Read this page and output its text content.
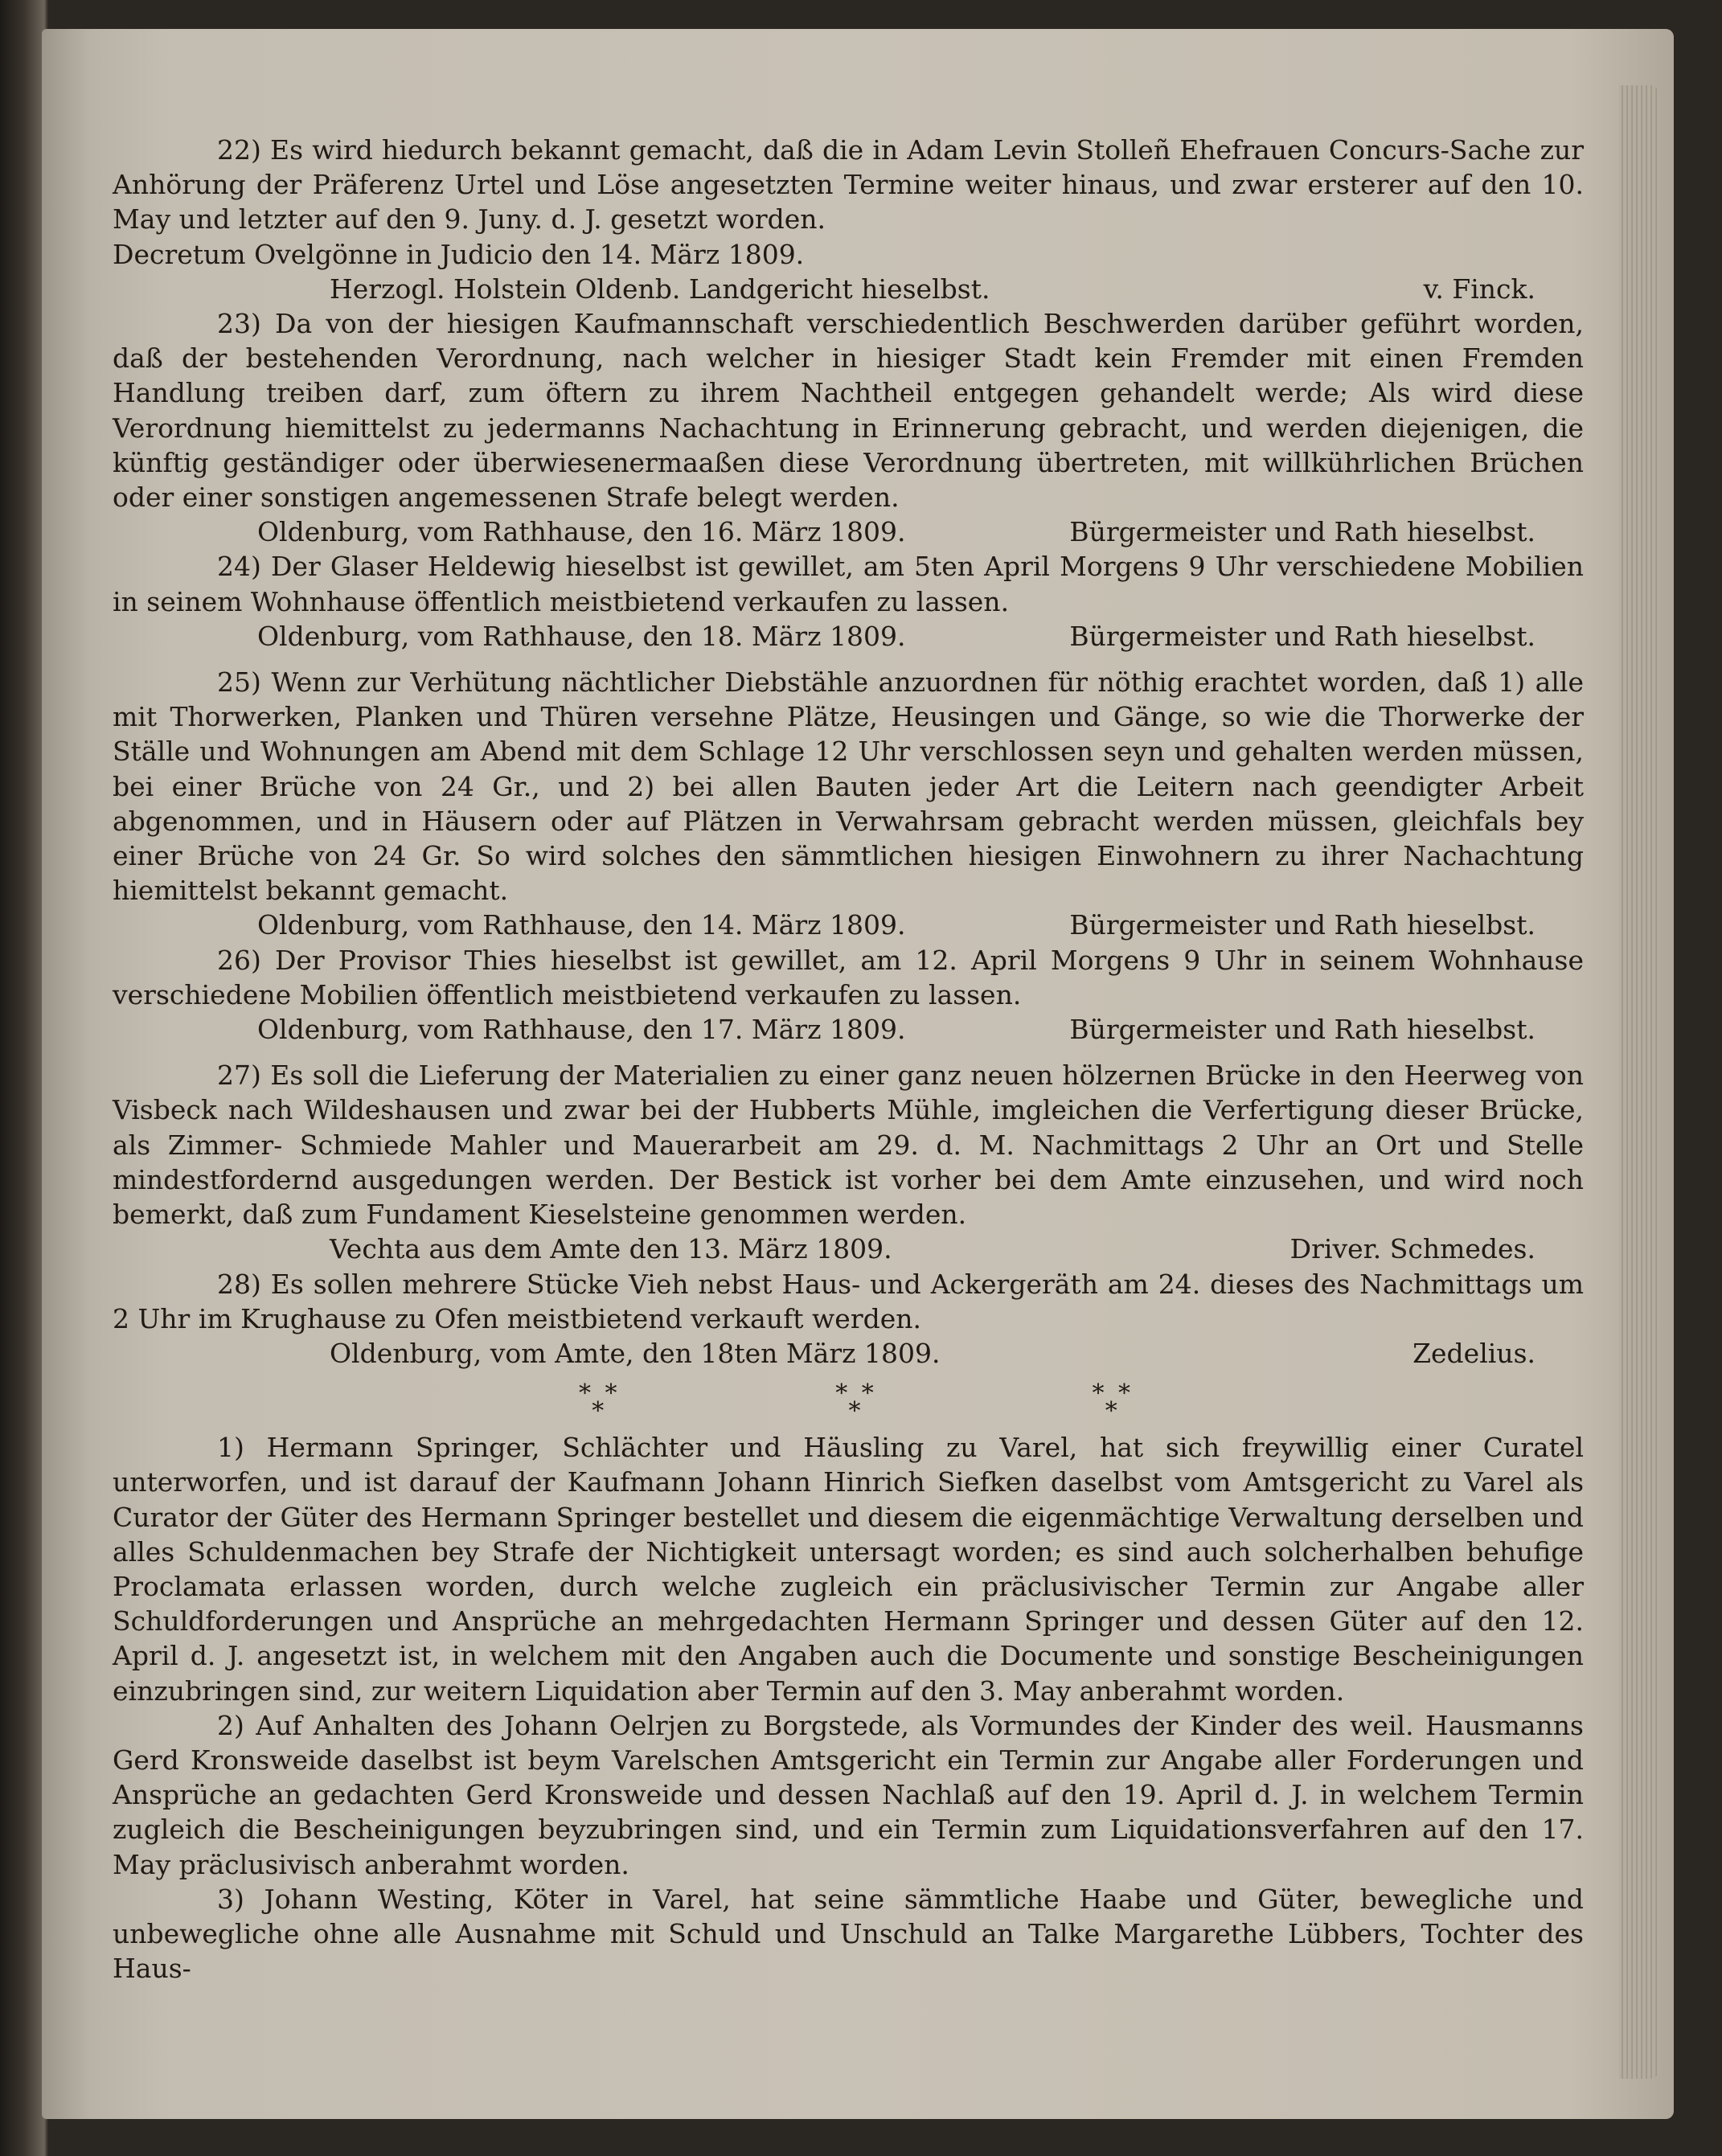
22) Es wird hiedurch bekannt gemacht, daß die in Adam Levin Stolleñ Ehefrauen Concurs-Sache zur Anhörung der Präferenz Urtel und Löse angesetzten Termine weiter hinaus, und zwar ersterer auf den 10. May und letzter auf den 9. Juny. d. J. gesetzt worden.

Decretum Ovelgönne in Judicio den 14. März 1809.

Herzogl. Holstein Oldenb. Landgericht hieselbst.	v. Finck.

23) Da von der hiesigen Kaufmannschaft verschiedentlich Beschwerden darüber geführt worden, daß der bestehenden Verordnung, nach welcher in hiesiger Stadt kein Fremder mit einen Fremden Handlung treiben darf, zum öftern zu ihrem Nachtheil entgegen gehandelt werde; Als wird diese Verordnung hiemittelst zu jedermanns Nachachtung in Erinnerung gebracht, und werden diejenigen, die künftig geständiger oder überwiesenermaaßen diese Verordnung übertreten, mit willkührlichen Brüchen oder einer sonstigen angemessenen Strafe belegt werden.

Oldenburg, vom Rathhause, den 16. März 1809.	Bürgermeister und Rath hieselbst.

24) Der Glaser Heldewig hieselbst ist gewillet, am 5ten April Morgens 9 Uhr verschiedene Mobilien in seinem Wohnhause öffentlich meistbietend verkaufen zu lassen.

Oldenburg, vom Rathhause, den 18. März 1809.	Bürgermeister und Rath hieselbst.

25) Wenn zur Verhütung nächtlicher Diebstähle anzuordnen für nöthig erachtet worden, daß 1) alle mit Thorwerken, Planken und Thüren versehne Plätze, Heusingen und Gänge, so wie die Thorwerke der Ställe und Wohnungen am Abend mit dem Schlage 12 Uhr verschlossen seyn und gehalten werden müssen, bei einer Brüche von 24 Gr., und 2) bei allen Bauten jeder Art die Leitern nach geendigter Arbeit abgenommen, und in Häusern oder auf Plätzen in Verwahrsam gebracht werden müssen, gleichfals bey einer Brüche von 24 Gr. So wird solches den sämmtlichen hiesigen Einwohnern zu ihrer Nachachtung hiemittelst bekannt gemacht.

Oldenburg, vom Rathhause, den 14. März 1809.	Bürgermeister und Rath hieselbst.

26) Der Provisor Thies hieselbst ist gewillet, am 12. April Morgens 9 Uhr in seinem Wohnhause verschiedene Mobilien öffentlich meistbietend verkaufen zu lassen.

Oldenburg, vom Rathhause, den 17. März 1809.	Bürgermeister und Rath hieselbst.

27) Es soll die Lieferung der Materialien zu einer ganz neuen hölzernen Brücke in den Heerweg von Visbeck nach Wildeshausen und zwar bei der Hubberts Mühle, imgleichen die Verfertigung dieser Brücke, als Zimmer- Schmiede Mahler und Mauerarbeit am 29. d. M. Nachmittags 2 Uhr an Ort und Stelle mindestfordernd ausgedungen werden. Der Bestick ist vorher bei dem Amte einzusehen, und wird noch bemerkt, daß zum Fundament Kieselsteine genommen werden.

Vechta aus dem Amte den 13. März 1809.	Driver. Schmedes.

28) Es sollen mehrere Stücke Vieh nebst Haus- und Ackergeräth am 24. dieses des Nachmittags um 2 Uhr im Krughause zu Ofen meistbietend verkauft werden.

Oldenburg, vom Amte, den 18ten März 1809.	Zedelius.
* *
*
* *
*
* *
*

1) Hermann Springer, Schlächter und Häusling zu Varel, hat sich freywillig einer Curatel unterworfen, und ist darauf der Kaufmann Johann Hinrich Siefken daselbst vom Amtsgericht zu Varel als Curator der Güter des Hermann Springer bestellet und diesem die eigenmächtige Verwaltung derselben und alles Schuldenmachen bey Strafe der Nichtigkeit untersagt worden; es sind auch solcherhalben behufige Proclamata erlassen worden, durch welche zugleich ein präclusivischer Termin zur Angabe aller Schuldforderungen und Ansprüche an mehrgedachten Hermann Springer und dessen Güter auf den 12. April d. J. angesetzt ist, in welchem mit den Angaben auch die Documente und sonstige Bescheinigungen einzubringen sind, zur weitern Liquidation aber Termin auf den 3. May anberahmt worden.

2) Auf Anhalten des Johann Oelrjen zu Borgstede, als Vormundes der Kinder des weil. Hausmanns Gerd Kronsweide daselbst ist beym Varelschen Amtsgericht ein Termin zur Angabe aller Forderungen und Ansprüche an gedachten Gerd Kronsweide und dessen Nachlaß auf den 19. April d. J. in welchem Termin zugleich die Bescheinigungen beyzubringen sind, und ein Termin zum Liquidationsverfahren auf den 17. May präclusivisch anberahmt worden.

3) Johann Westing, Köter in Varel, hat seine sämmtliche Haabe und Güter, bewegliche und unbewegliche ohne alle Ausnahme mit Schuld und Unschuld an Talke Margarethe Lübbers, Tochter des Haus-
